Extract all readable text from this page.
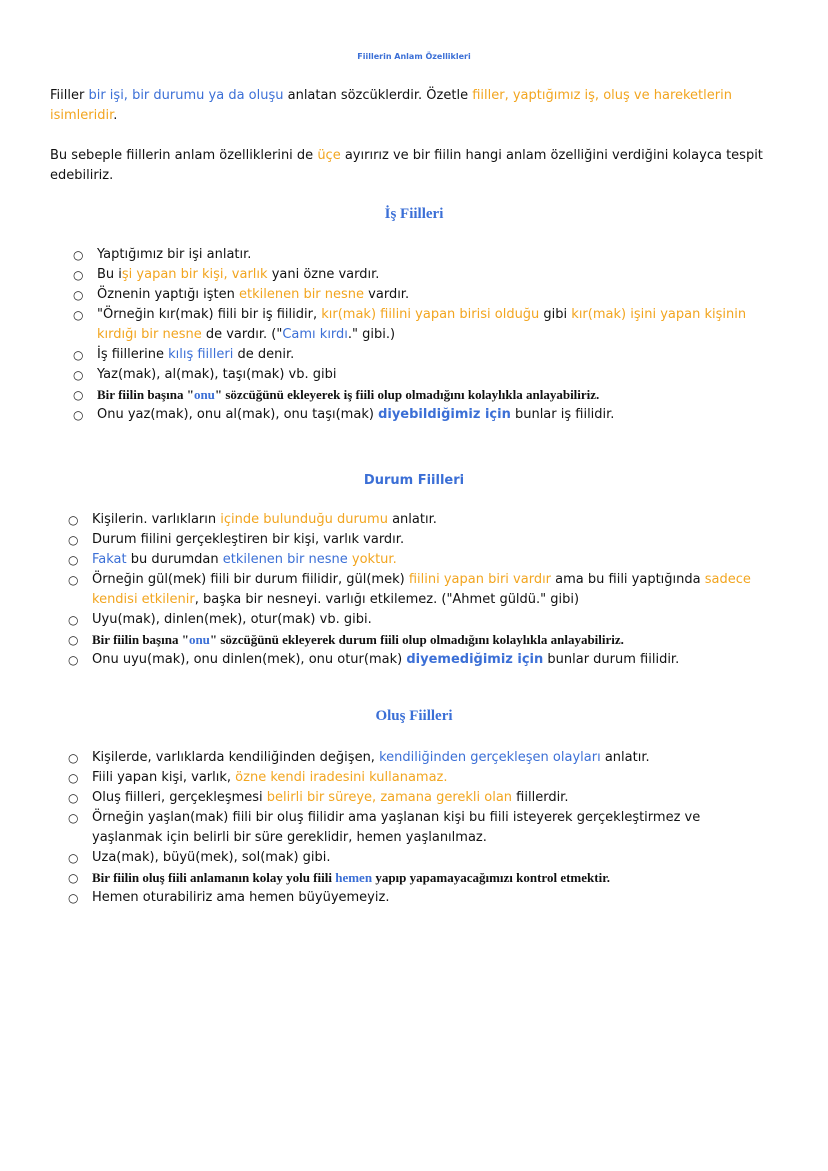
Fiillerin Anlam Özellikleri

Fiiller bir işi, bir durumu ya da oluşu anlatan sözcüklerdir. Özetle fiiller, yaptığımız iş, oluş ve hareketlerin isimleridir.

Bu sebeple fiillerin anlam özelliklerini de üçe ayırırız ve bir fiilin hangi anlam özelliğini verdiğini kolayca tespit edebiliriz.

İş Fiilleri
○ Yaptığımız bir işi anlatır.
○ Bu işi yapan bir kişi, varlık yani özne vardır.
○ Öznenin yaptığı işten etkilenen bir nesne vardır.
○ "Örneğin kır(mak) fiili bir iş fiilidir, kır(mak) fiilini yapan birisi olduğu gibi kır(mak) işini yapan kişinin kırdığı bir nesne de vardır. ("Camı kırdı." gibi.)
○ İş fiillerine kılış fiilleri de denir.
○ Yaz(mak), al(mak), taşı(mak) vb. gibi
○ Bir fiilin başına "onu" sözcüğünü ekleyerek iş fiili olup olmadığını kolaylıkla anlayabiliriz.
○ Onu yaz(mak), onu al(mak), onu taşı(mak) diyebildiğimiz için bunlar iş fiilidir.
Durum Fiilleri
○ Kişilerin. varlıkların içinde bulunduğu durumu anlatır.
○ Durum fiilini gerçekleştiren bir kişi, varlık vardır.
○ Fakat bu durumdan etkilenen bir nesne yoktur.
○ Örneğin gül(mek) fiili bir durum fiilidir, gül(mek) fiilini yapan biri vardır ama bu fiili yaptığında sadece kendisi etkilenir, başka bir nesneyi. varlığı etkilemez. ("Ahmet güldü." gibi)
○ Uyu(mak), dinlen(mek), otur(mak) vb. gibi.
○ Bir fiilin başına "onu" sözcüğünü ekleyerek durum fiili olup olmadığını kolaylıkla anlayabiliriz.
○ Onu uyu(mak), onu dinlen(mek), onu otur(mak) diyemediğimiz için bunlar durum fiilidir.
Oluş Fiilleri
○ Kişilerde, varlıklarda kendiliğinden değişen, kendiliğinden gerçekleşen olayları anlatır.
○ Fiili yapan kişi, varlık, özne kendi iradesini kullanamaz.
○ Oluş fiilleri, gerçekleşmesi belirli bir süreye, zamana gerekli olan fiillerdir.
○ Örneğin yaşlan(mak) fiili bir oluş fiilidir ama yaşlanan kişi bu fiili isteyerek gerçekleştirmez ve yaşlanmak için belirli bir süre gereklidir, hemen yaşlanılmaz.
○ Uza(mak), büyü(mek), sol(mak) gibi.
○ Bir fiilin oluş fiili anlamanın kolay yolu fiili hemen yapıp yapamayacağımızı kontrol etmektir.
○ Hemen oturabiliriz ama hemen büyüyemeyiz.
